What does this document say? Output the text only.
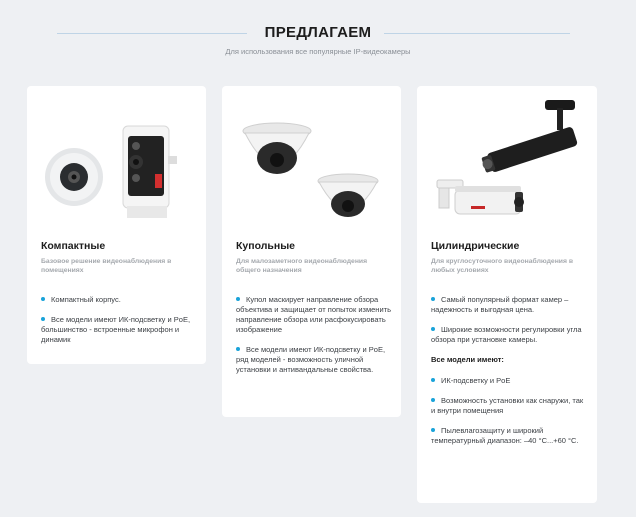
ПРЕДЛАГАЕМ
Для использования все популярные IP-видеокамеры
Компактные
Базовое решение видеонаблюдения в помещениях
Компактный корпус.
Все модели имеют ИК-подсветку и PoE, большинство - встроенные микрофон и динамик
Купольные
Для малозаметного видеонаблюдения общего назначения
Купол маскирует направление обзора объектива и защищает от попыток изменить направление обзора или расфокусировать изображение
Все модели имеют ИК-подсветку и PoE, ряд моделей - возможность уличной установки и антивандальные свойства.
Цилиндрические
Для круглосуточного видеонаблюдения в любых условиях
Самый популярный формат камер – надежность и выгодная цена.
Широкие возможности регулировки угла обзора при установке камеры.
Все модели имеют:
ИК-подсветку и PoE
Возможность установки как снаружи, так и внутри помещения
Пылевлагозащиту и широкий температурный диапазон: –40 °C...+60 °C.
